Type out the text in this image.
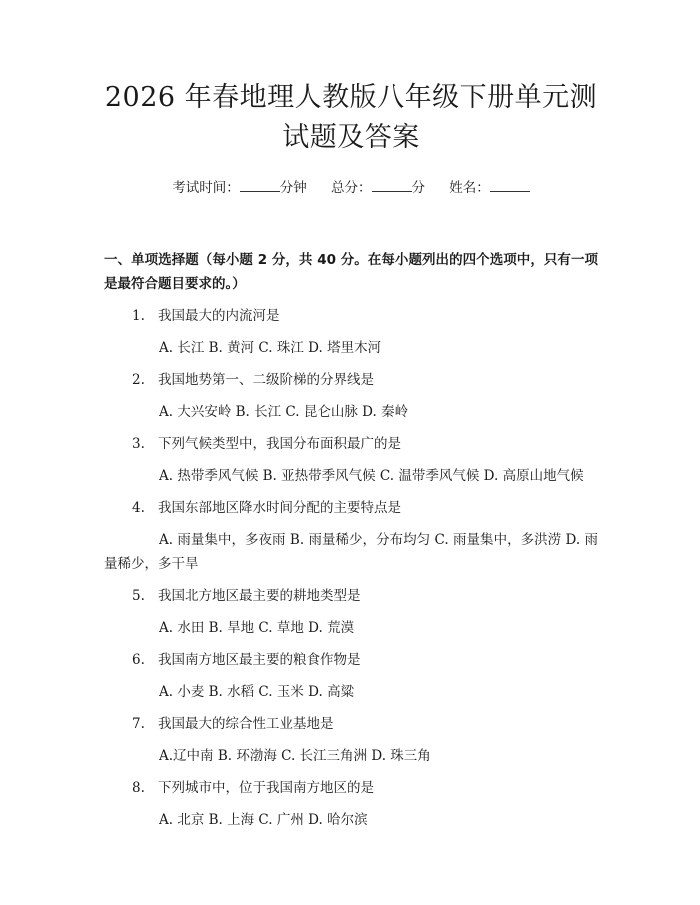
2026 年春地理人教版八年级下册单元测试题及答案
考试时间：	分钟 总分：	分 姓名：
一、单项选择题（每小题 2 分，共 40 分。在每小题列出的四个选项中，只有一项是最符合题目要求的。）
1. 我国最大的内流河是
A. 长江 B. 黄河 C. 珠江 D. 塔里木河
2. 我国地势第一、二级阶梯的分界线是
A. 大兴安岭 B. 长江 C. 昆仑山脉 D. 秦岭
3. 下列气候类型中，我国分布面积最广的是
A. 热带季风气候 B. 亚热带季风气候 C. 温带季风气候 D. 高原山地气候
4. 我国东部地区降水时间分配的主要特点是
A. 雨量集中，多夜雨 B. 雨量稀少，分布均匀 C. 雨量集中，多洪涝 D. 雨量稀少，多干旱
5. 我国北方地区最主要的耕地类型是
A. 水田 B. 旱地 C. 草地 D. 荒漠
6. 我国南方地区最主要的粮食作物是
A. 小麦 B. 水稻 C. 玉米 D. 高粱
7. 我国最大的综合性工业基地是
A.辽中南 B. 环渤海 C. 长江三角洲 D. 珠三角
8. 下列城市中，位于我国南方地区的是
A. 北京 B. 上海 C. 广州 D. 哈尔滨
